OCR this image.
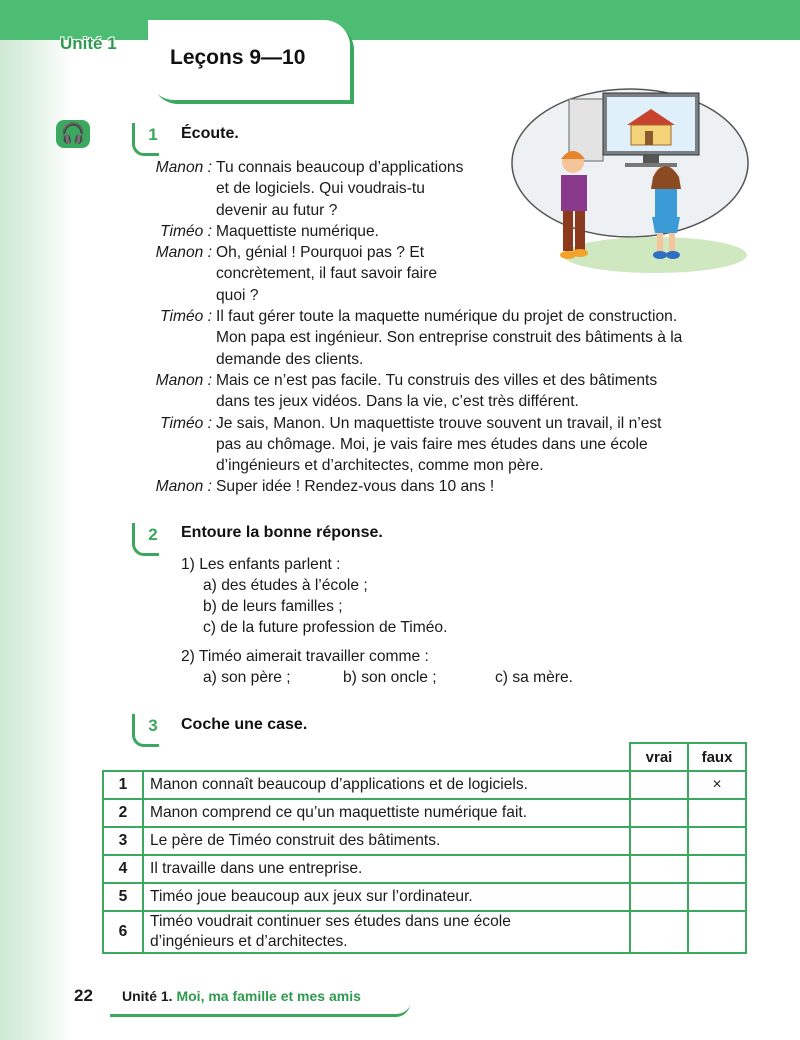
Unité 1
Leçons 9—10
🎧	1	Écoute.
Manon : Tu connais beaucoup d’applications
et de logiciels. Qui voudrais-tu
devenir au futur ?
Timéo : Maquettiste numérique.
Manon : Oh, génial ! Pourquoi pas ? Et
concrètement, il faut savoir faire
quoi ?
Timéo : Il faut gérer toute la maquette numérique du projet de construction.
Mon papa est ingénieur. Son entreprise construit des bâtiments à la
demande des clients.
Manon : Mais ce n’est pas facile. Tu construis des villes et des bâtiments
dans tes jeux vidéos. Dans la vie, c’est très différent.
Timéo : Je sais, Manon. Un maquettiste trouve souvent un travail, il n’est
pas au chômage. Moi, je vais faire mes études dans une école
d’ingénieurs et d’architectes, comme mon père.
Manon : Super idée ! Rendez-vous dans 10 ans !
2	Entoure la bonne réponse.
1) Les enfants parlent :
a) des études à l’école ;
b) de leurs familles ;
c) de la future profession de Timéo.
2) Timéo aimerait travailler comme :
a) son père ;	b) son oncle ;	c) sa mère.
3	Coche une case.
		vrai	faux
1	Manon connaît beaucoup d’applications et de logiciels.		×
2	Manon comprend ce qu’un maquettiste numérique fait.		
3	Le père de Timéo construit des bâtiments.		
4	Il travaille dans une entreprise.		
5	Timéo joue beaucoup aux jeux sur l’ordinateur.		
6	Timéo voudrait continuer ses études dans une école
d’ingénieurs et d’architectes.		

22 Unité 1. Moi, ma famille et mes amis
